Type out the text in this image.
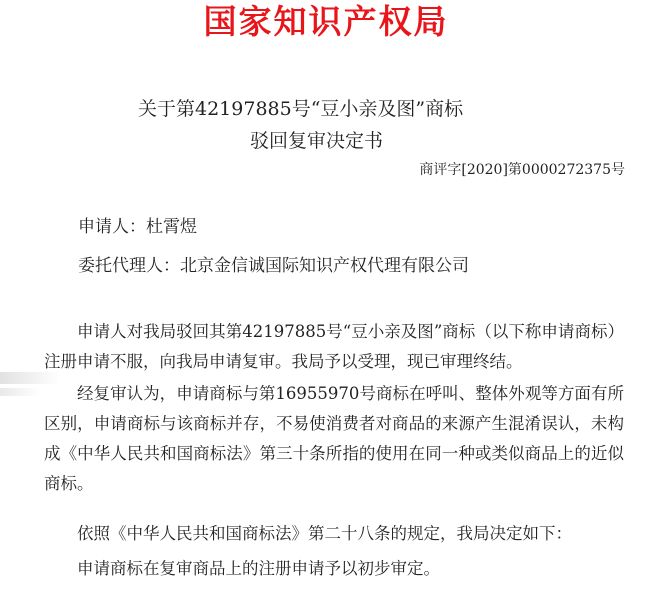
国家知识产权局
关于第42197885号“豆小亲及图”商标
驳回复审决定书
商评字[2020]第0000272375号
申请人：杜霄煜
委托代理人：北京金信诚国际知识产权代理有限公司
申请人对我局驳回其第42197885号“豆小亲及图”商标（以下称申请商标）注册申请不服，向我局申请复审。我局予以受理，现已审理终结。
经复审认为，申请商标与第16955970号商标在呼叫、整体外观等方面有所区别，申请商标与该商标并存，不易使消费者对商品的来源产生混淆误认，未构成《中华人民共和国商标法》第三十条所指的使用在同一种或类似商品上的近似商标。
依照《中华人民共和国商标法》第二十八条的规定，我局决定如下：
申请商标在复审商品上的注册申请予以初步审定。
